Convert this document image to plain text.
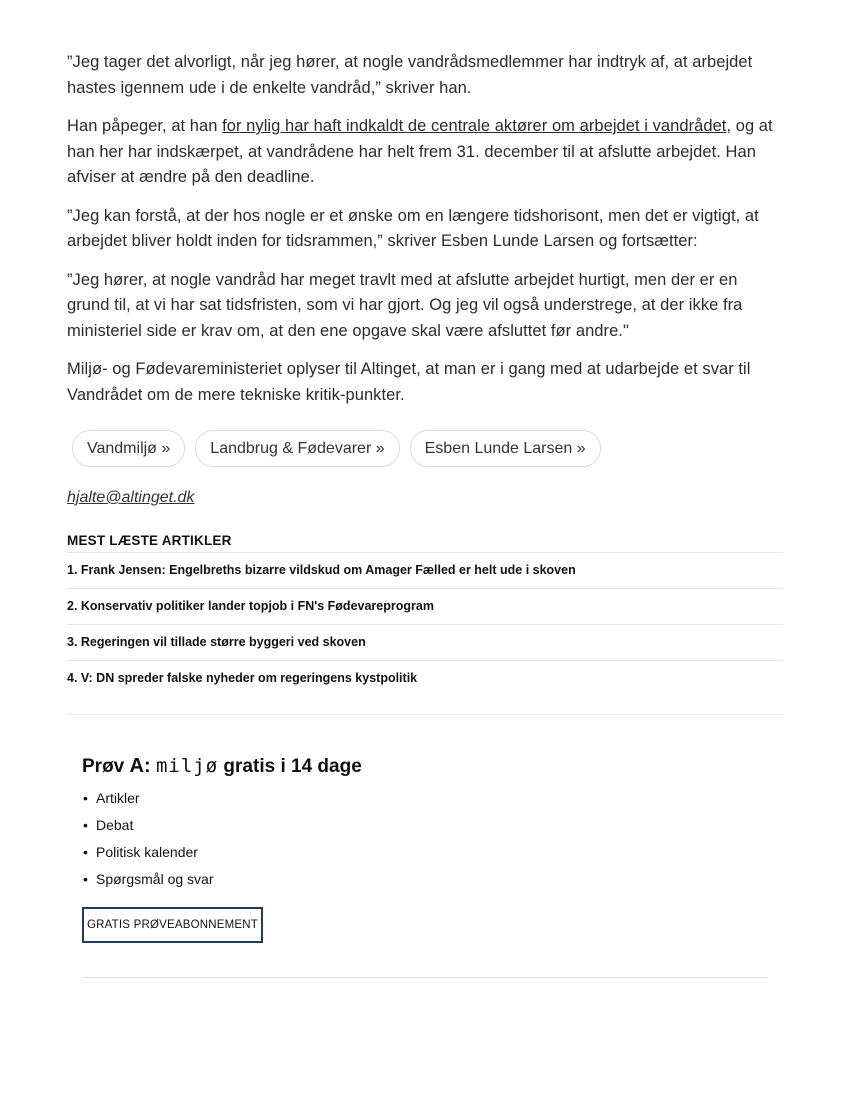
”Jeg tager det alvorligt, når jeg hører, at nogle vandrådsmedlemmer har indtryk af, at arbejdet hastes igennem ude i de enkelte vandråd,” skriver han.

Han påpeger, at han for nylig har haft indkaldt de centrale aktører om arbejdet i vandrådet, og at han her har indskærpet, at vandrådene har helt frem 31. december til at afslutte arbejdet. Han afviser at ændre på den deadline.

”Jeg kan forstå, at der hos nogle er et ønske om en længere tidshorisont, men det er vigtigt, at arbejdet bliver holdt inden for tidsrammen,” skriver Esben Lunde Larsen og fortsætter:

”Jeg hører, at nogle vandråd har meget travlt med at afslutte arbejdet hurtigt, men der er en grund til, at vi har sat tidsfristen, som vi har gjort. Og jeg vil også understrege, at der ikke fra ministeriel side er krav om, at den ene opgave skal være afsluttet før andre."

Miljø- og Fødevareministeriet oplyser til Altinget, at man er i gang med at udarbejde et svar til Vandrådet om de mere tekniske kritik-punkter.

Vandmiljø »	Landbrug & Fødevarer »	Esben Lunde Larsen »
hjalte@altinget.dk
MEST LÆSTE ARTIKLER
1. Frank Jensen: Engelbreths bizarre vildskud om Amager Fælled er helt ude i skoven
2. Konservativ politiker lander topjob i FN's Fødevareprogram
3. Regeringen vil tillade større byggeri ved skoven
4. V: DN spreder falske nyheder om regeringens kystpolitik
Prøv A: miljø gratis i 14 dage
• Artikler
• Debat
• Politisk kalender
• Spørgsmål og svar
GRATIS PRØVEABONNEMENT
